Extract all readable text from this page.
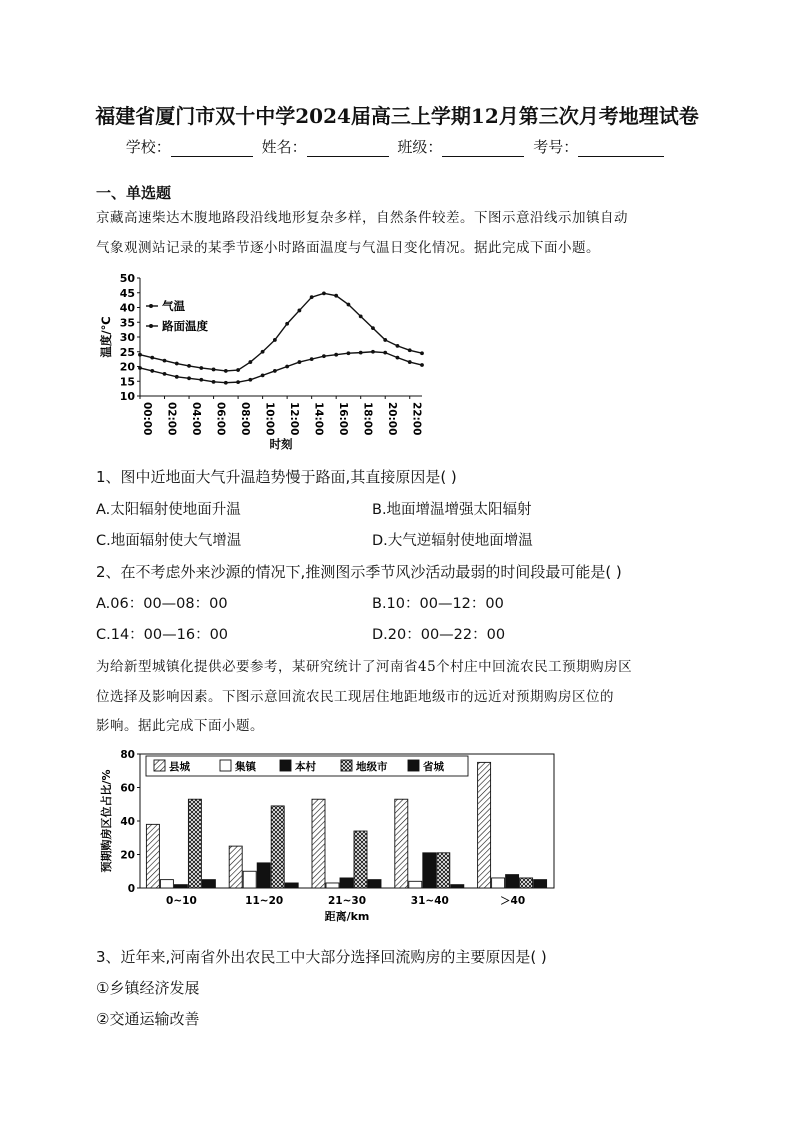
福建省厦门市双十中学2024届高三上学期12月第三次月考地理试卷
学校：	姓名：	班级：	考号：
一、单选题
京藏高速柴达木腹地路段沿线地形复杂多样，自然条件较差。下图示意沿线示加镇自动
气象观测站记录的某季节逐小时路面温度与气温日变化情况。据此完成下面小题。
10
15
20
25
30
35
40
45
50
00:00 02:00 04:00 06:00 08:00 10:00 12:00 14:00 16:00 18:00 20:00 22:00
时刻
温度/℃
气温
路面温度
1、图中近地面大气升温趋势慢于路面,其直接原因是( )
A.太阳辐射使地面升温	B.地面增温增强太阳辐射
C.地面辐射使大气增温	D.大气逆辐射使地面增温
2、在不考虑外来沙源的情况下,推测图示季节风沙活动最弱的时间段最可能是( )
A.06：00—08：00	B.10：00—12：00
C.14：00—16：00	D.20：00—22：00
为给新型城镇化提供必要参考，某研究统计了河南省45个村庄中回流农民工预期购房区
位选择及影响因素。下图示意回流农民工现居住地距地级市的远近对预期购房区位的
影响。据此完成下面小题。
0
20
40
60
80
预期购房区位占比/%
0~10	11~20	21~30	31~40	＞40
距离/km
县城	集镇	本村	地级市	省城
3、近年来,河南省外出农民工中大部分选择回流购房的主要原因是( )
①乡镇经济发展
②交通运输改善
